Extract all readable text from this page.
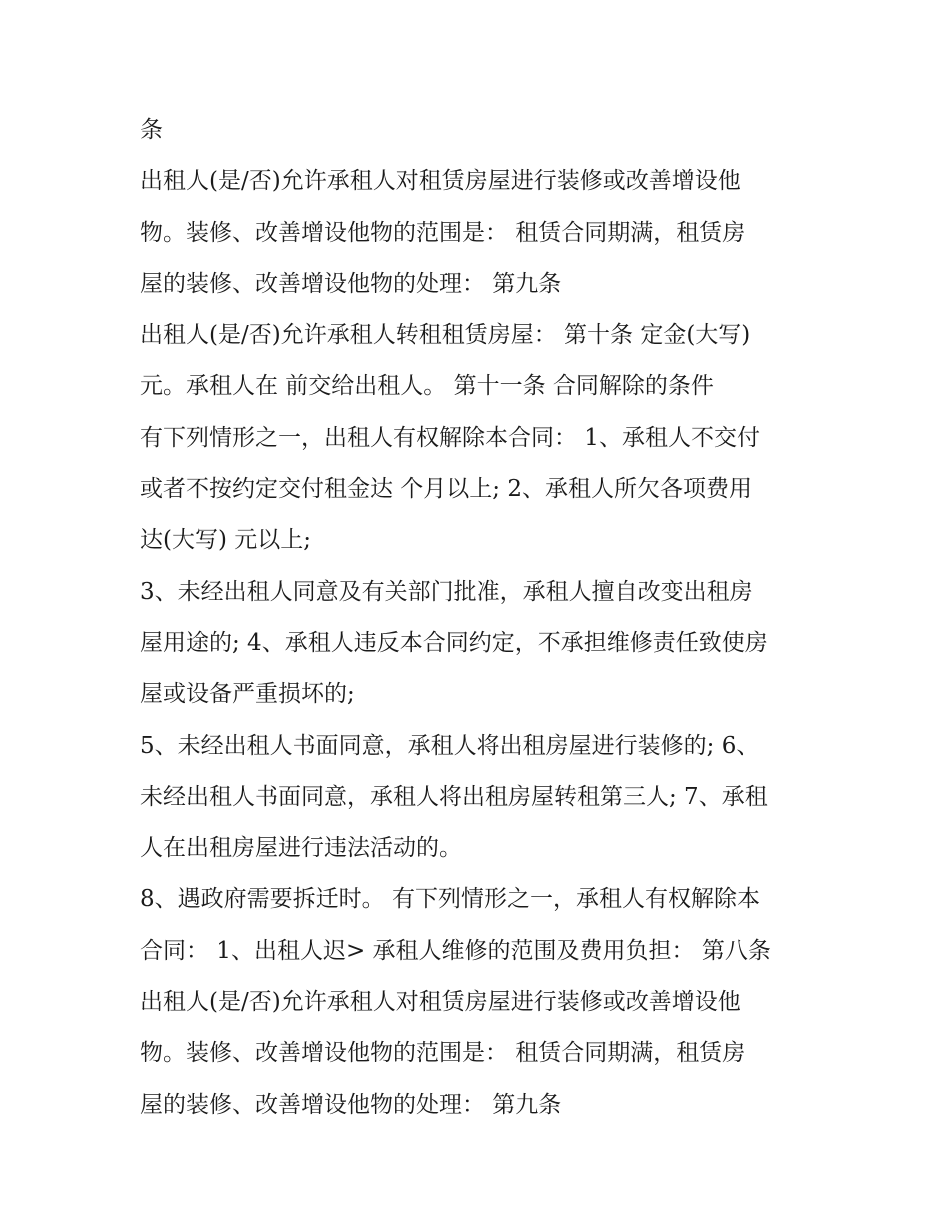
条
出租人(是/否)允许承租人对租赁房屋进行装修或改善增设他
物。装修、改善增设他物的范围是： 租赁合同期满，租赁房
屋的装修、改善增设他物的处理： 第九条
出租人(是/否)允许承租人转租租赁房屋： 第十条 定金(大写)
元。承租人在 前交给出租人。 第十一条 合同解除的条件
有下列情形之一，出租人有权解除本合同： 1、承租人不交付
或者不按约定交付租金达 个月以上; 2、承租人所欠各项费用
达(大写) 元以上;
3、未经出租人同意及有关部门批准，承租人擅自改变出租房
屋用途的; 4、承租人违反本合同约定，不承担维修责任致使房
屋或设备严重损坏的;
5、未经出租人书面同意，承租人将出租房屋进行装修的; 6、
未经出租人书面同意，承租人将出租房屋转租第三人; 7、承租
人在出租房屋进行违法活动的。
8、遇政府需要拆迁时。 有下列情形之一，承租人有权解除本
合同： 1、出租人迟> 承租人维修的范围及费用负担： 第八条
出租人(是/否)允许承租人对租赁房屋进行装修或改善增设他
物。装修、改善增设他物的范围是： 租赁合同期满，租赁房
屋的装修、改善增设他物的处理： 第九条
